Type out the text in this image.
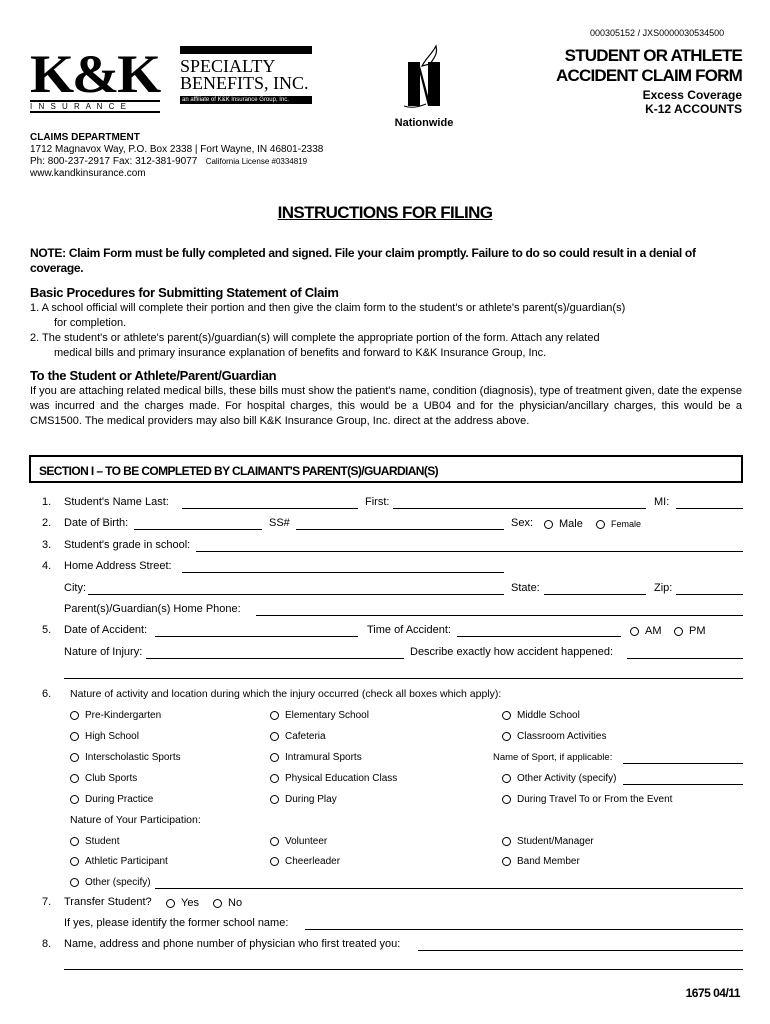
000305152 / JXS0000030534500
K&K
I N S U R A N C E
SPECIALTY
BENEFITS, INC.
an affiliate of K&K Insurance Group, Inc.
Nationwide
STUDENT OR ATHLETE
ACCIDENT CLAIM FORM
Excess Coverage
K-12 ACCOUNTS
CLAIMS DEPARTMENT
1712 Magnavox Way, P.O. Box 2338 | Fort Wayne, IN 46801-2338
Ph: 800-237-2917 Fax: 312-381-9077 California License #0334819
www.kandkinsurance.com
INSTRUCTIONS FOR FILING
NOTE: Claim Form must be fully completed and signed. File your claim promptly. Failure to do so could result in a denial of coverage.
Basic Procedures for Submitting Statement of Claim
1. A school official will complete their portion and then give the claim form to the student's or athlete's parent(s)/guardian(s)
for completion.
2. The student's or athlete's parent(s)/guardian(s) will complete the appropriate portion of the form. Attach any related
medical bills and primary insurance explanation of benefits and forward to K&K Insurance Group, Inc.
To the Student or Athlete/Parent/Guardian
If you are attaching related medical bills, these bills must show the patient's name, condition (diagnosis), type of treatment given, date the expense was incurred and the charges made. For hospital charges, this would be a UB04 and for the physician/ancillary charges, this would be a CMS1500. The medical providers may also bill K&K Insurance Group, Inc. direct at the address above.
SECTION I – TO BE COMPLETED BY CLAIMANT'S PARENT(S)/GUARDIAN(S)
1. Student's Name Last:	First:	MI:
2. Date of Birth:	SS#	Sex:	Male	Female
3. Student's grade in school:
4. Home Address Street:
City:	State:	Zip:
Parent(s)/Guardian(s) Home Phone:
5. Date of Accident:	Time of Accident:	AM	PM
Nature of Injury:	Describe exactly how accident happened:
6. Nature of activity and location during which the injury occurred (check all boxes which apply):
Pre-Kindergarten	Elementary School	Middle School
High School	Cafeteria	Classroom Activities
Interscholastic Sports	Intramural Sports	Name of Sport, if applicable:
Club Sports	Physical Education Class	Other Activity (specify)
During Practice	During Play	During Travel To or From the Event
Nature of Your Participation:
Student	Volunteer	Student/Manager
Athletic Participant	Cheerleader	Band Member
Other (specify)
7. Transfer Student?	Yes	No
If yes, please identify the former school name:
8. Name, address and phone number of physician who first treated you:
1675 04/11
